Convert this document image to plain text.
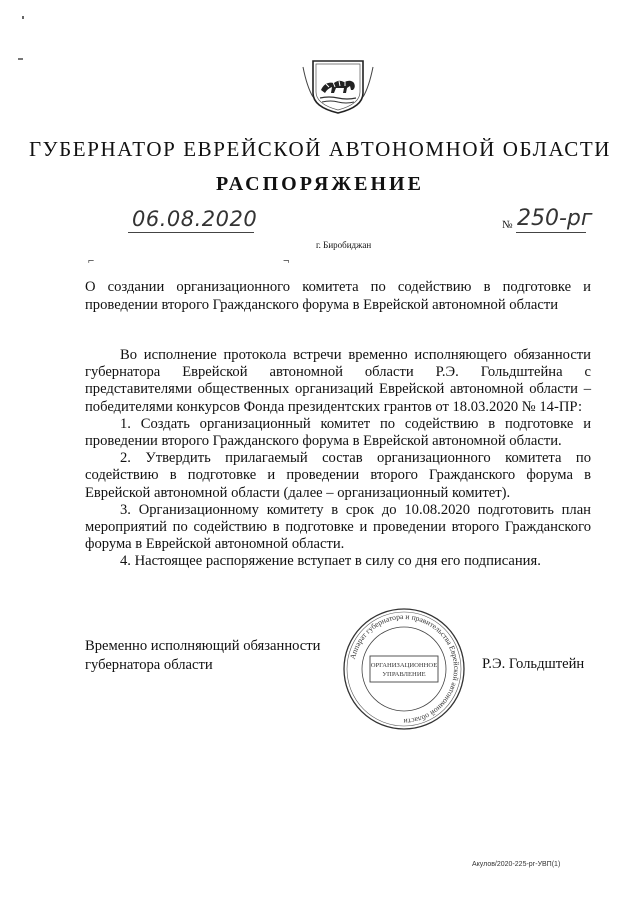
ГУБЕРНАТОР ЕВРЕЙСКОЙ АВТОНОМНОЙ ОБЛАСТИ
РАСПОРЯЖЕНИЕ
06.08.2020	№ 250-рг
г. Биробиджан
⌐	¬
О создании организационного комитета по содействию в подготовке и проведении второго Гражданского форума в Еврейской автономной области

Во исполнение протокола встречи временно исполняющего обязанности губернатора Еврейской автономной области Р.Э. Гольдштейна с представителями общественных организаций Еврейской автономной области – победителями конкурсов Фонда президентских грантов от 18.03.2020 № 14-ПР:

1. Создать организационный комитет по содействию в подготовке и проведении второго Гражданского форума в Еврейской автономной области.

2. Утвердить прилагаемый состав организационного комитета по содействию в подготовке и проведении второго Гражданского форума в Еврейской автономной области (далее – организационный комитет).

3. Организационному комитету в срок до 10.08.2020 подготовить план мероприятий по содействию в подготовке и проведении второго Гражданского форума в Еврейской автономной области.

4. Настоящее распоряжение вступает в силу со дня его подписания.

Временно исполняющий обязанности
губернатора области
Аппарат губернатора и правительства Еврейской автономной области
ОРГАНИЗАЦИОННОЕ
УПРАВЛЕНИЕ
Р.Э. Гольдштейн
Акулов/2020-225-рг-УВП(1)
